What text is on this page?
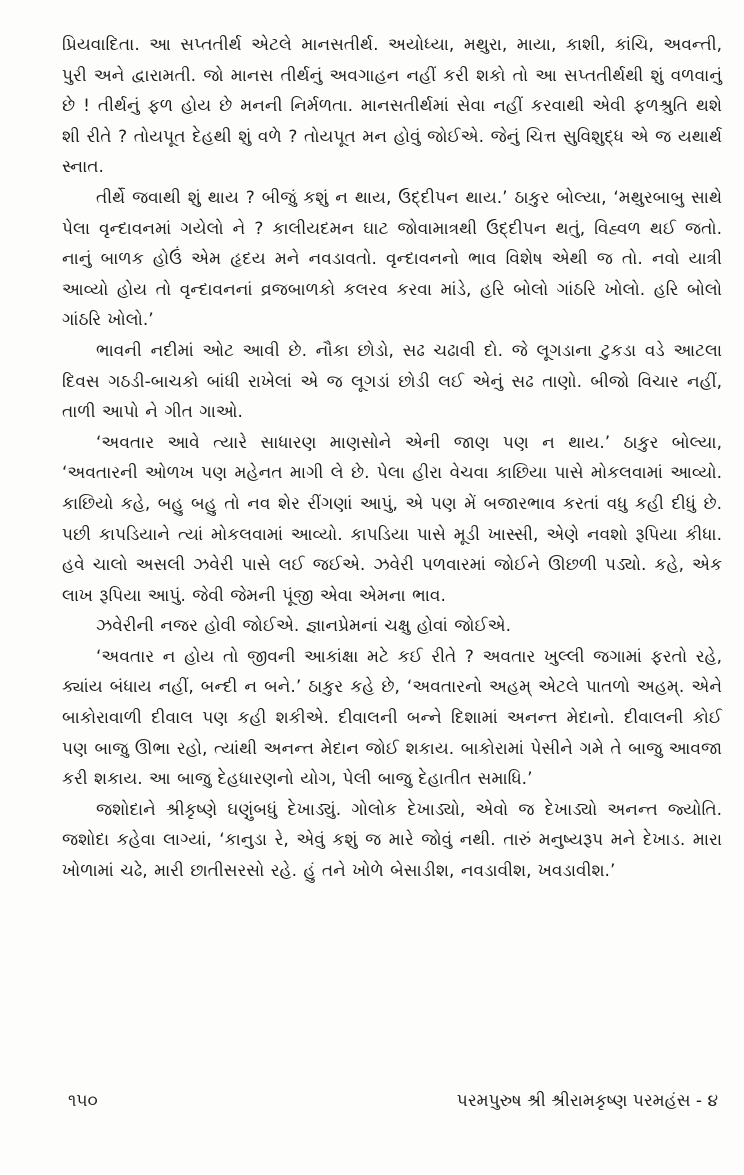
પ્રિયવાદિતા. આ સપ્તતીર્થ એટલે માનસતીર્થ. અયોધ્યા, મથુરા, માયા, કાશી, કાંચિ, અવન્તી, પુરી અને દ્વારામતી. જો માનસ તીર્થનું અવગાહન નહીં કરી શકો તો આ સપ્તતીર્થથી શું વળવાનું છે ! તીર્થનું ફળ હોય છે મનની નિર્મળતા. માનસતીર્થમાં સેવા નહીં કરવાથી એવી ફળશ્રુતિ થશે શી રીતે ? તોયપૂત દેહથી શું વળે ? તોયપૂત મન હોવું જોઈએ. જેનું ચિત્ત સુવિશુદ્ધ એ જ યથાર્થ સ્નાત.

તીર્થે જવાથી શું થાય ? બીજું કશું ન થાય, ઉદ્દીપન થાય.’ ઠાકુર બોલ્યા, ‘મથુરબાબુ સાથે પેલા વૃન્દાવનમાં ગયેલો ને ? કાલીયદમન ઘાટ જોવામાત્રથી ઉદ્દીપન થતું, વિહ્વળ થઈ જતો. નાનું બાળક હોઉં એમ હૃદય મને નવડાવતો. વૃન્દાવનનો ભાવ વિશેષ એથી જ તો. નવો યાત્રી આવ્યો હોય તો વૃન્દાવનનાં વ્રજબાળકો કલરવ કરવા માંડે, હરિ બોલો ગાંઠરિ ખોલો. હરિ બોલો ગાંઠરિ ખોલો.’

ભાવની નદીમાં ઓટ આવી છે. નૌકા છોડો, સઢ ચઢાવી દો. જે લૂગડાના ટુકડા વડે આટલા દિવસ ગઠડી-બાચકો બાંધી રાખેલાં એ જ લૂગડાં છોડી લઈ એનું સઢ તાણો. બીજો વિચાર નહીં, તાળી આપો ને ગીત ગાઓ.

‘અવતાર આવે ત્યારે સાધારણ માણસોને એની જાણ પણ ન થાય.’ ઠાકુર બોલ્યા, ‘અવતારની ઓળખ પણ મહેનત માગી લે છે. પેલા હીરા વેચવા કાછિયા પાસે મોકલવામાં આવ્યો. કાછિયો કહે, બહુ બહુ તો નવ શેર રીંગણાં આપું, એ પણ મેં બજારભાવ કરતાં વધુ કહી દીધું છે. પછી કાપડિયાને ત્યાં મોકલવામાં આવ્યો. કાપડિયા પાસે મૂડી ખાસ્સી, એણે નવશો રૂપિયા કીધા. હવે ચાલો અસલી ઝવેરી પાસે લઈ જઈએ. ઝવેરી પળવારમાં જોઈને ઊછળી પડ્યો. કહે, એક લાખ રૂપિયા આપું. જેવી જેમની પૂંજી એવા એમના ભાવ.

ઝવેરીની નજર હોવી જોઈએ. જ્ઞાનપ્રેમનાં ચક્ષુ હોવાં જોઈએ.

‘અવતાર ન હોય તો જીવની આકાંક્ષા મટે કઈ રીતે ? અવતાર ખુલ્લી જગામાં ફરતો રહે, ક્યાંય બંધાય નહીં, બન્દી ન બને.’ ઠાકુર કહે છે, ‘અવતારનો અહમ્ એટલે પાતળો અહમ્. એને બાકોરાવાળી દીવાલ પણ કહી શકીએ. દીવાલની બન્ને દિશામાં અનન્ત મેદાનો. દીવાલની કોઈ પણ બાજુ ઊભા રહો, ત્યાંથી અનન્ત મેદાન જોઈ શકાય. બાકોરામાં પેસીને ગમે તે બાજુ આવજા કરી શકાય. આ બાજુ દેહધારણનો યોગ, પેલી બાજુ દેહાતીત સમાધિ.’

જશોદાને શ્રીકૃષ્ણે ઘણુંબધું દેખાડ્યું. ગોલોક દેખાડ્યો, એવો જ દેખાડ્યો અનન્ત જ્યોતિ. જશોદા કહેવા લાગ્યાં, ‘કાનુડા રે, એવું કશું જ મારે જોવું નથી. તારું મનુષ્યરૂપ મને દેખાડ. મારા ખોળામાં ચઢે, મારી છાતીસરસો રહે. હું તને ખોળે બેસાડીશ, નવડાવીશ, ખવડાવીશ.’

૧૫૦	પરમપુરુષ શ્રી શ્રીરામકૃષ્ણ પરમહંસ - ૪
